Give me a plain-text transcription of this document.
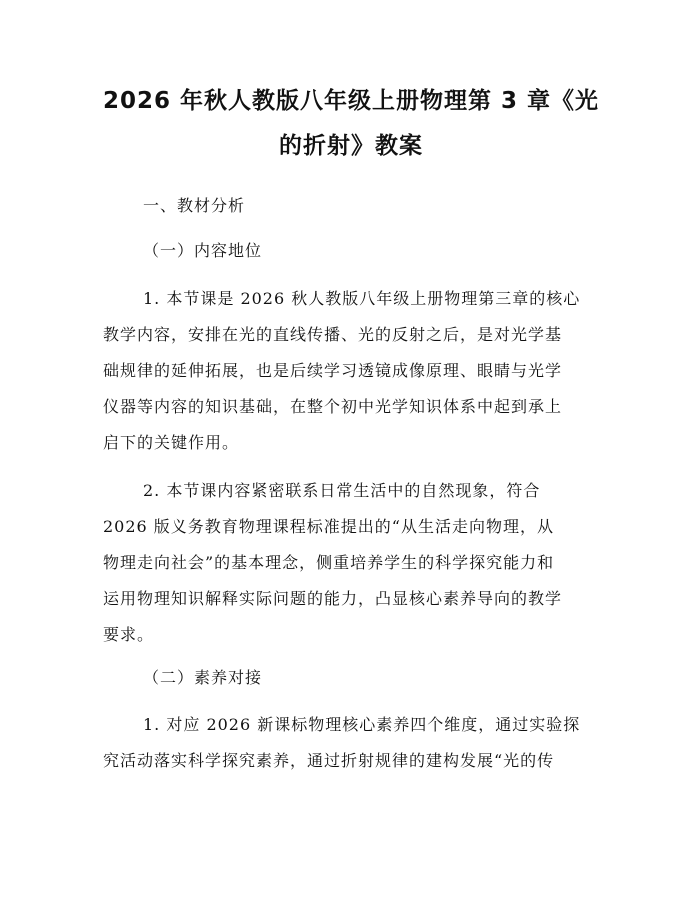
2026 年秋人教版八年级上册物理第 3 章《光
的折射》教案
一、教材分析
（一）内容地位
1. 本节课是 2026 秋人教版八年级上册物理第三章的核心
教学内容，安排在光的直线传播、光的反射之后，是对光学基
础规律的延伸拓展，也是后续学习透镜成像原理、眼睛与光学
仪器等内容的知识基础，在整个初中光学知识体系中起到承上
启下的关键作用。
2. 本节课内容紧密联系日常生活中的自然现象，符合
2026 版义务教育物理课程标准提出的“从生活走向物理，从
物理走向社会”的基本理念，侧重培养学生的科学探究能力和
运用物理知识解释实际问题的能力，凸显核心素养导向的教学
要求。
（二）素养对接
1. 对应 2026 新课标物理核心素养四个维度，通过实验探
究活动落实科学探究素养，通过折射规律的建构发展“光的传
